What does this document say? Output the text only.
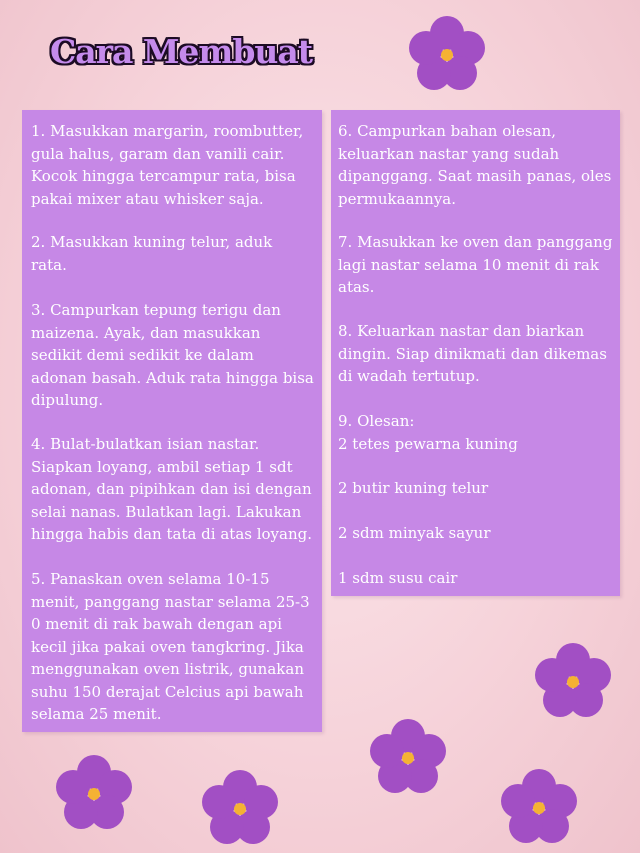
Cara Membuat

1. Masukkan margarin, roombutter,
gula halus, garam dan vanili cair.
Kocok hingga tercampur rata, bisa
pakai mixer atau whisker saja.

2. Masukkan kuning telur, aduk
rata.

3. Campurkan tepung terigu dan
maizena. Ayak, dan masukkan
sedikit demi sedikit ke dalam
adonan basah. Aduk rata hingga bisa
dipulung.

4. Bulat-bulatkan isian nastar.
Siapkan loyang, ambil setiap 1 sdt
adonan, dan pipihkan dan isi dengan
selai nanas. Bulatkan lagi. Lakukan
hingga habis dan tata di atas loyang.

5. Panaskan oven selama 10-15
menit, panggang nastar selama 25-3
0 menit di rak bawah dengan api
kecil jika pakai oven tangkring. Jika
menggunakan oven listrik, gunakan
suhu 150 derajat Celcius api bawah
selama 25 menit.

6. Campurkan bahan olesan,
keluarkan nastar yang sudah
dipanggang. Saat masih panas, oles
permukaannya.

7. Masukkan ke oven dan panggang
lagi nastar selama 10 menit di rak
atas.

8. Keluarkan nastar dan biarkan
dingin. Siap dinikmati dan dikemas
di wadah tertutup.

9. Olesan:
2 tetes pewarna kuning

2 butir kuning telur

2 sdm minyak sayur

1 sdm susu cair
